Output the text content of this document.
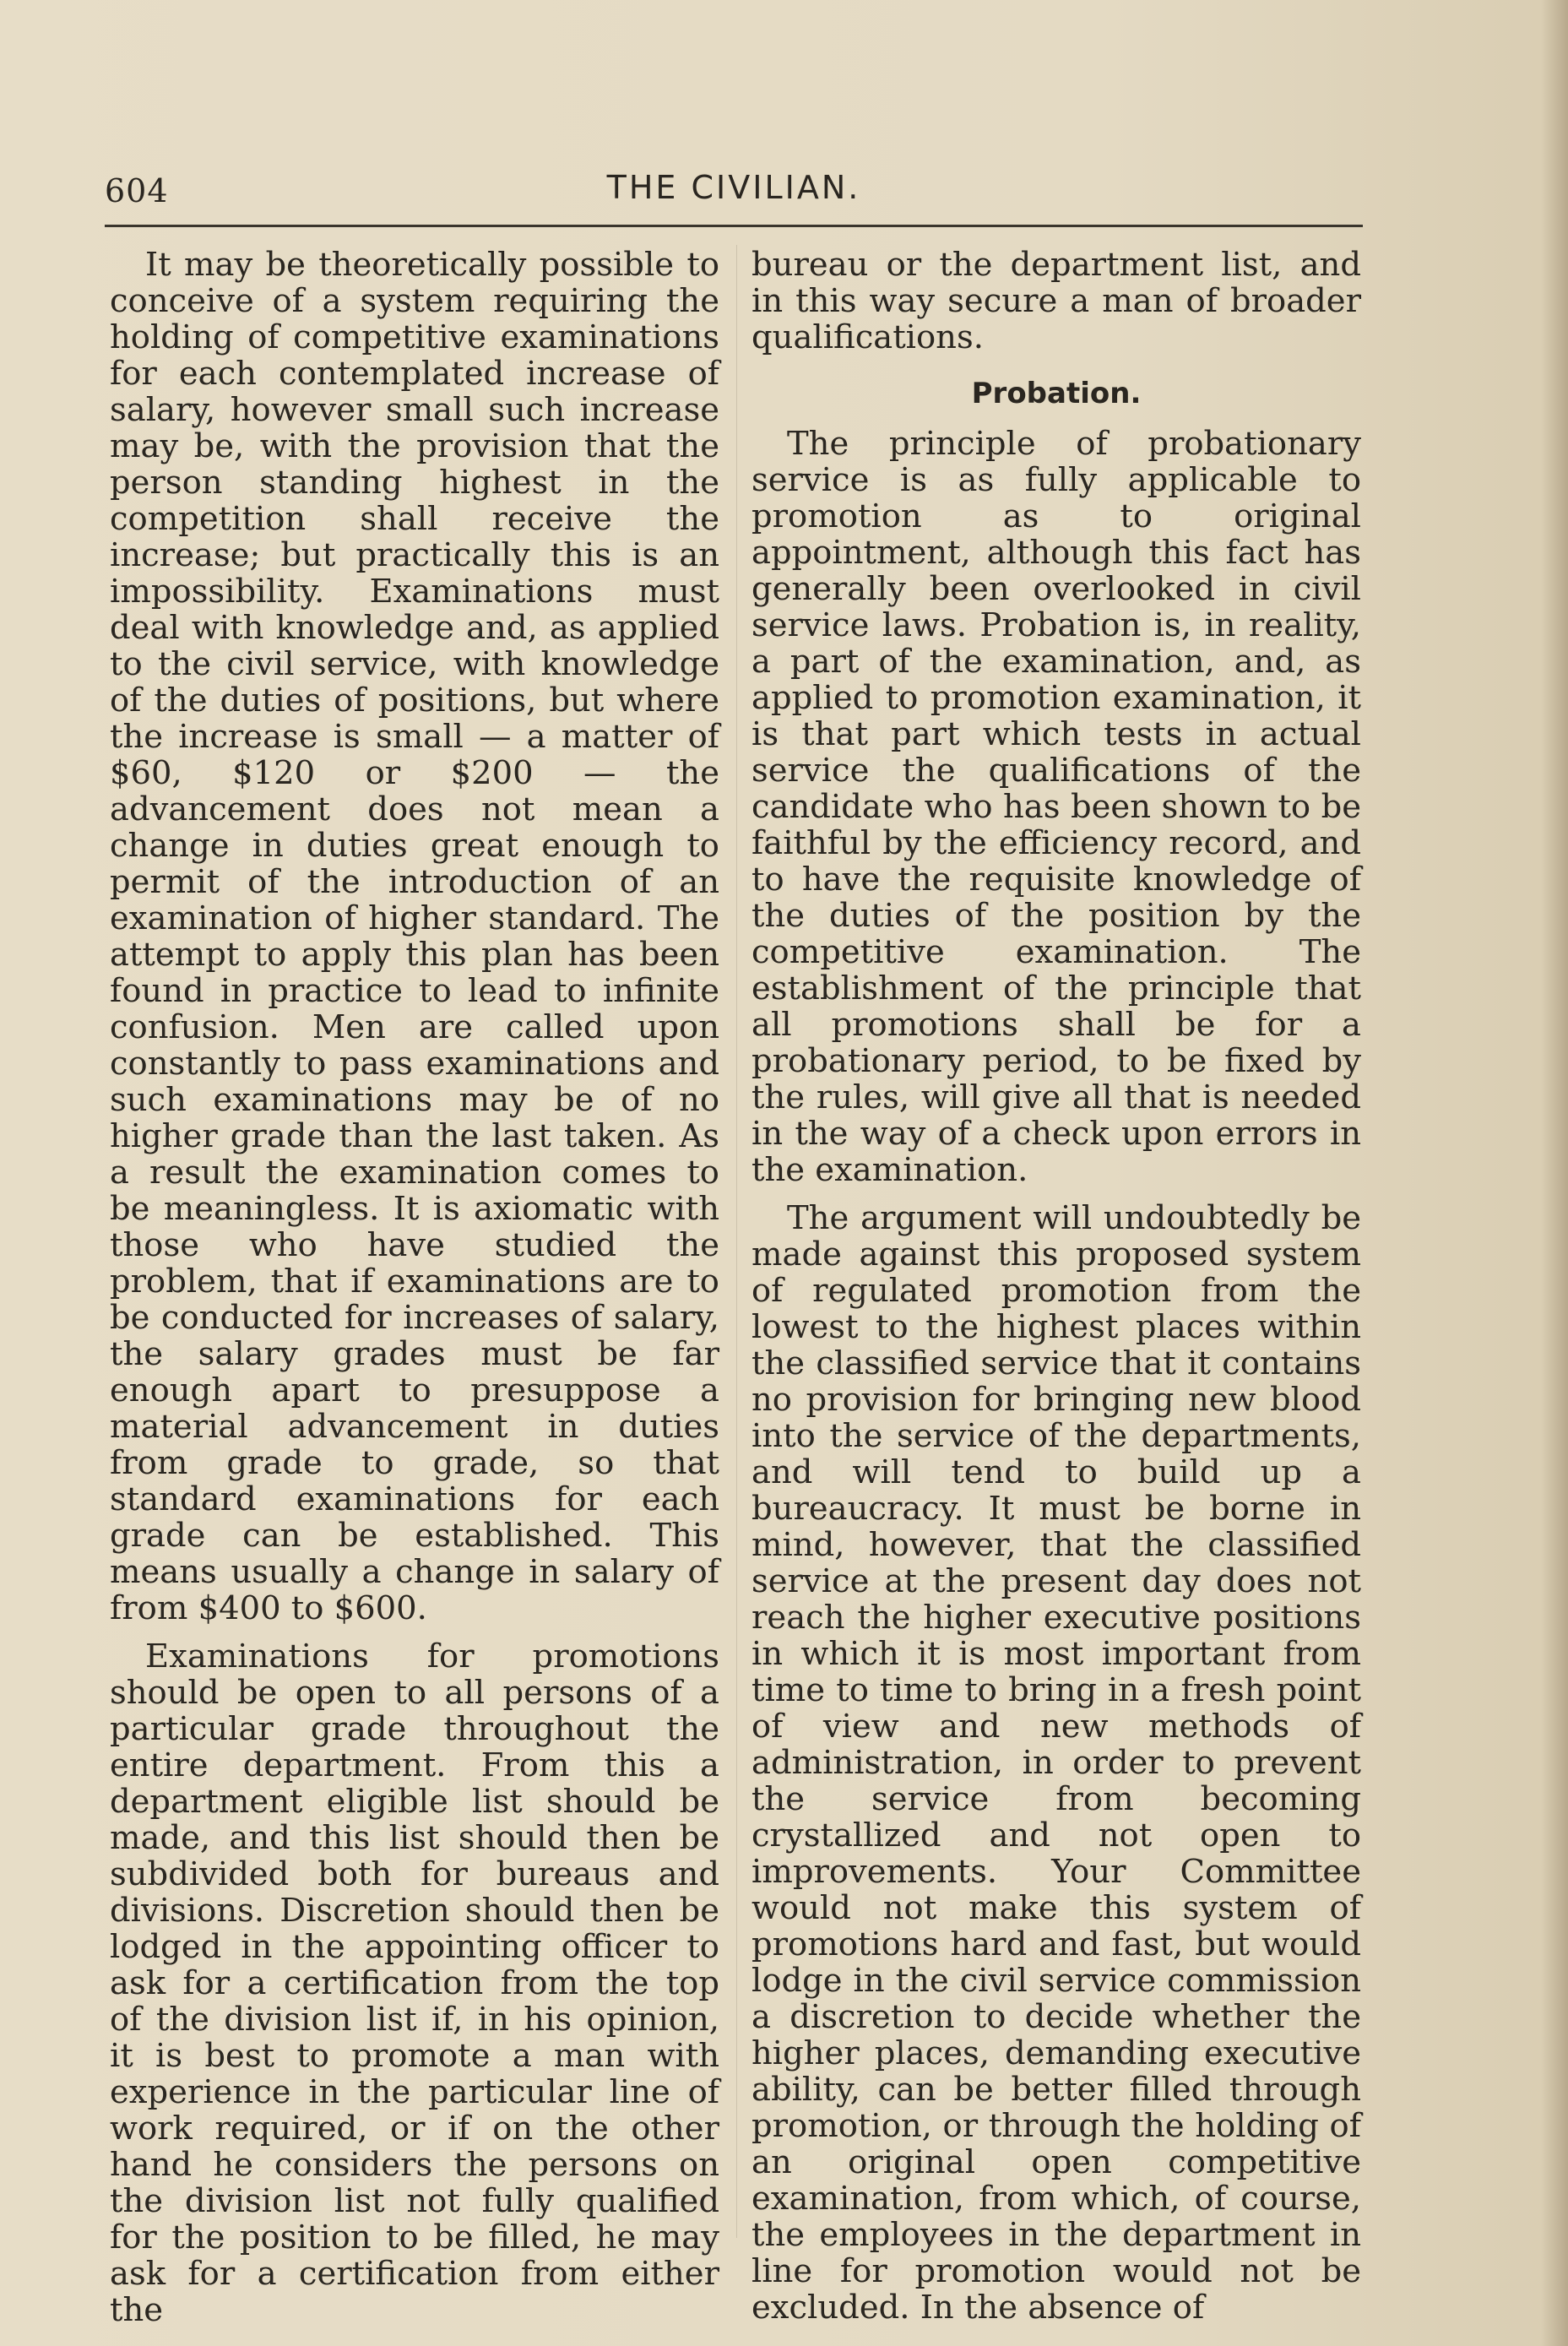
604	THE CIVILIAN.

It may be theoretically possible to conceive of a system requiring the holding of competitive examinations for each contemplated increase of salary, however small such increase may be, with the provision that the person standing highest in the competition shall receive the increase; but practically this is an impossibility. Examinations must deal with knowledge and, as applied to the civil service, with knowledge of the duties of positions, but where the increase is small — a matter of $60, $120 or $200 — the advancement does not mean a change in duties great enough to permit of the introduction of an examination of higher standard. The attempt to apply this plan has been found in practice to lead to infinite confusion. Men are called upon constantly to pass examinations and such examinations may be of no higher grade than the last taken. As a result the examination comes to be meaningless. It is axiomatic with those who have studied the problem, that if examinations are to be conducted for increases of salary, the salary grades must be far enough apart to presuppose a material advancement in duties from grade to grade, so that standard examinations for each grade can be established. This means usually a change in salary of from $400 to $600.

Examinations for promotions should be open to all persons of a particular grade throughout the entire department. From this a department eligible list should be made, and this list should then be subdivided both for bureaus and divisions. Discretion should then be lodged in the appointing officer to ask for a certification from the top of the division list if, in his opinion, it is best to promote a man with experience in the particular line of work required, or if on the other hand he considers the persons on the division list not fully qualified for the position to be filled, he may ask for a certification from either the

bureau or the department list, and in this way secure a man of broader qualifications.

Probation.

The principle of probationary service is as fully applicable to promotion as to original appointment, although this fact has generally been overlooked in civil service laws. Probation is, in reality, a part of the examination, and, as applied to promotion examination, it is that part which tests in actual service the qualifications of the candidate who has been shown to be faithful by the efficiency record, and to have the requisite knowledge of the duties of the position by the competitive examination. The establishment of the principle that all promotions shall be for a probationary period, to be fixed by the rules, will give all that is needed in the way of a check upon errors in the examination.

The argument will undoubtedly be made against this proposed system of regulated promotion from the lowest to the highest places within the classified service that it contains no provision for bringing new blood into the service of the departments, and will tend to build up a bureaucracy. It must be borne in mind, however, that the classified service at the present day does not reach the higher executive positions in which it is most important from time to time to bring in a fresh point of view and new methods of administration, in order to prevent the service from becoming crystallized and not open to improvements. Your Committee would not make this system of promotions hard and fast, but would lodge in the civil service commission a discretion to decide whether the higher places, demanding executive ability, can be better filled through promotion, or through the holding of an original open competitive examination, from which, of course, the employees in the department in line for promotion would not be excluded. In the absence of
